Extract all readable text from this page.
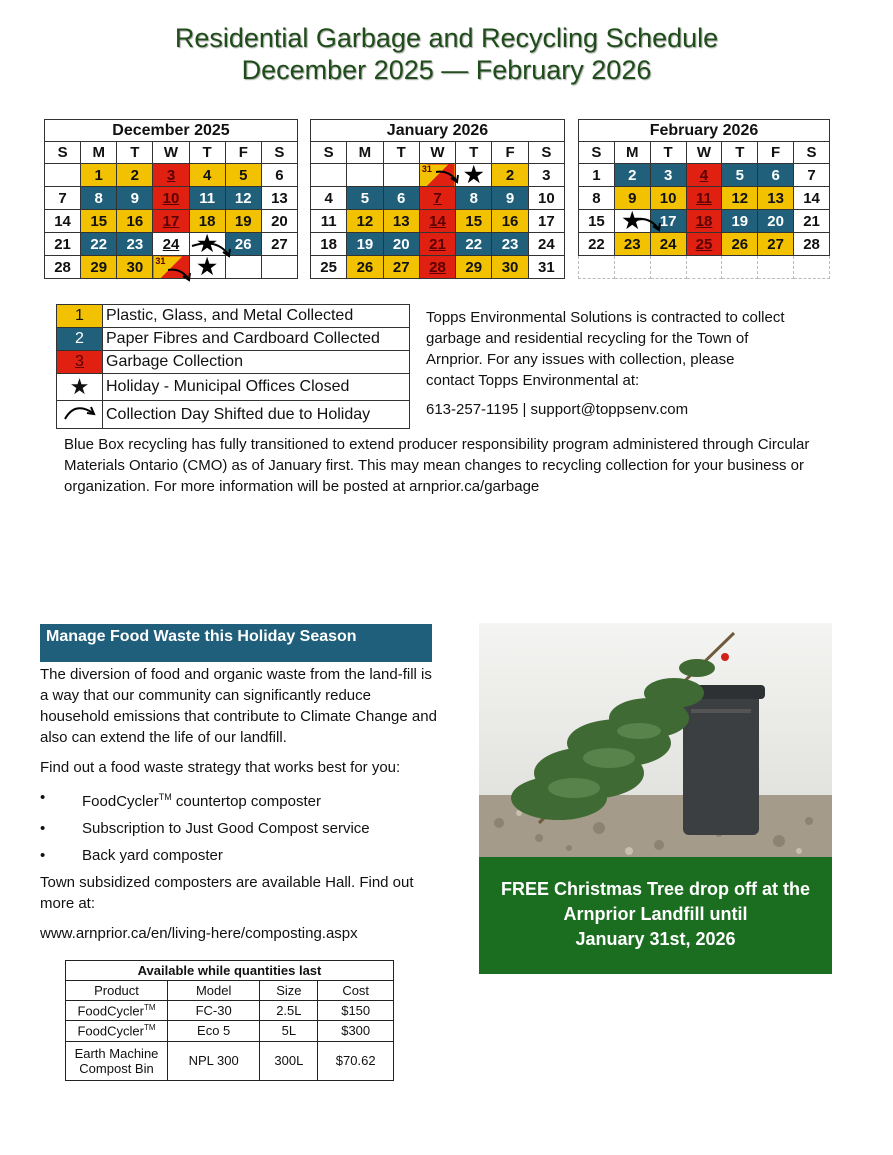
Residential Garbage and Recycling Schedule
December 2025 — February 2026
December 2025						
S	M	T	W	T	F	S
	1	2	3	4	5	6
7	8	9	10	11	12	13
14	15	16	17	18	19	20
21	22	23	24	★	26	27
28	29	30	31	★		
January 2026						
S	M	T	W	T	F	S

			31	★	2	3
4	5	6	7	8	9	10
11	12	13	14	15	16	17
18	19	20	21	22	23	24
25	26	27	28	29	30	31
February 2026						
S	M	T	W	T	F	S
1	2	3	4	5	6	7
8	9	10	11	12	13	14
15	★	17	18	19	20	21
22	23	24	25	26	27	28

1	Plastic, Glass, and Metal Collected
2	Paper Fibres and Cardboard Collected
3	Garbage Collection
★	Holiday - Municipal Offices Closed
	Collection Day Shifted due to Holiday

Topps Environmental Solutions is contracted to collect garbage and residential recycling for the Town of Arnprior. For any issues with collection, please contact Topps Environmental at:

613-257-1195 | support@toppsenv.com

Blue Box recycling has fully transitioned to extend producer responsibility program administered through Circular Materials Ontario (CMO) as of January first. This may mean changes to recycling collection for your business or organization. For more information will be posted at arnprior.ca/garbage
Manage Food Waste this Holiday Season

The diversion of food and organic waste from the land-fill is a way that our community can significantly reduce household emissions that contribute to Climate Change and also can extend the life of our landfill.

Find out a food waste strategy that works best for you:

• FoodCycler™ countertop composter
• Subscription to Just Good Compost service
• Back yard composter

Town subsidized composters are available Hall. Find out more at:

www.arnprior.ca/en/living-here/composting.aspx

Available while quantities last			
Product	Model	Size	Cost
FoodCycler™	FC-30	2.5L	$150
FoodCycler™	Eco 5	5L	$300
Earth Machine Compost Bin	NPL 300	300L	$70.62
FREE Christmas Tree drop off at the
Arnprior Landfill until
January 31st, 2026
